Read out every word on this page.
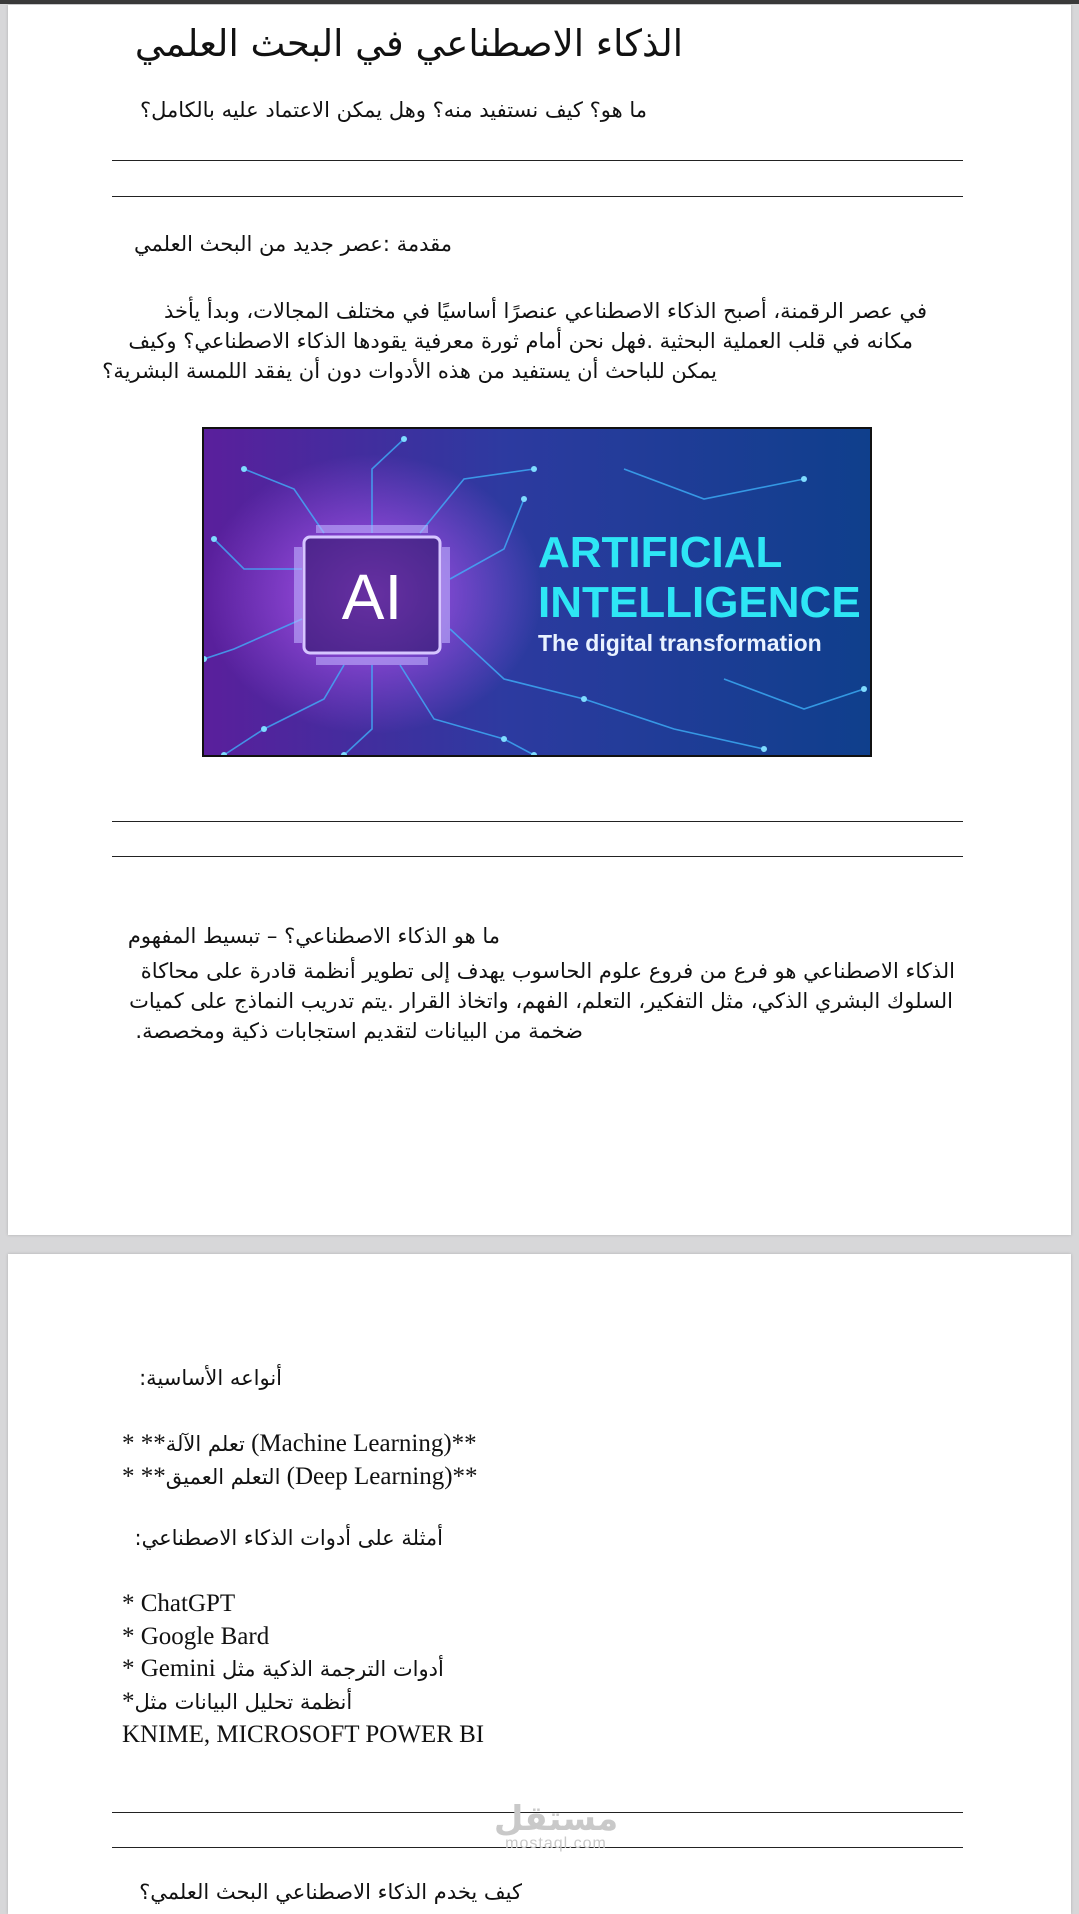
الذكاء الاصطناعي في البحث العلمي
ما هو؟ كيف نستفيد منه؟ وهل يمكن الاعتماد عليه بالكامل؟
مقدمة :عصر جديد من البحث العلمي
في عصر الرقمنة، أصبح الذكاء الاصطناعي عنصرًا أساسيًا في مختلف المجالات، وبدأ يأخذ
مكانه في قلب العملية البحثية .فهل نحن أمام ثورة معرفية يقودها الذكاء الاصطناعي؟ وكيف
يمكن للباحث أن يستفيد من هذه الأدوات دون أن يفقد اللمسة البشرية؟
AI
ARTIFICIAL
INTELLIGENCE
The digital transformation
ما هو الذكاء الاصطناعي؟ – تبسيط المفهوم
الذكاء الاصطناعي هو فرع من فروع علوم الحاسوب يهدف إلى تطوير أنظمة قادرة على محاكاة
السلوك البشري الذكي، مثل التفكير، التعلم، الفهم، واتخاذ القرار .يتم تدريب النماذج على كميات
ضخمة من البيانات لتقديم استجابات ذكية ومخصصة.
أنواعه الأساسية:
* **تعلم الآلة (Machine Learning)**
* **التعلم العميق (Deep Learning)**
أمثلة على أدوات الذكاء الاصطناعي:
* ChatGPT
* Google Bard
* Gemini أدوات الترجمة الذكية مثل
*أنظمة تحليل البيانات مثل
KNIME, MICROSOFT POWER BI
كيف يخدم الذكاء الاصطناعي البحث العلمي؟
مستقل
mostaql.com
